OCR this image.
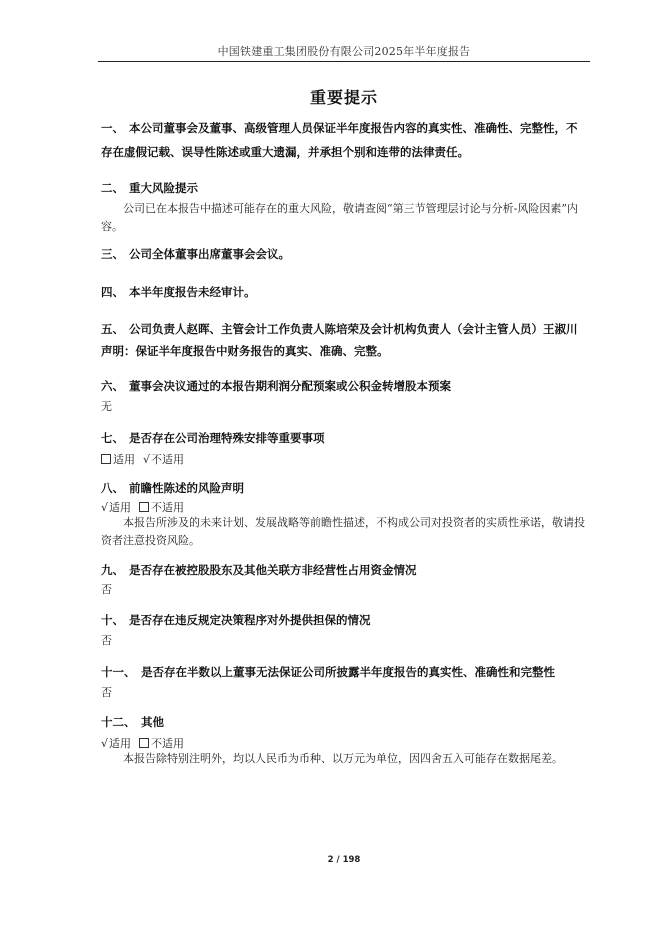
中国铁建重工集团股份有限公司2025年半年度报告
重要提示
一、 本公司董事会及董事、高级管理人员保证半年度报告内容的真实性、准确性、完整性，不
存在虚假记载、误导性陈述或重大遗漏，并承担个别和连带的法律责任。
二、 重大风险提示
公司已在本报告中描述可能存在的重大风险，敬请查阅“第三节管理层讨论与分析-风险因素”内容。
三、 公司全体董事出席董事会会议。
四、 本半年度报告未经审计。
五、 公司负责人赵晖、主管会计工作负责人陈培荣及会计机构负责人（会计主管人员）王淑川
声明：保证半年度报告中财务报告的真实、准确、完整。
六、 董事会决议通过的本报告期利润分配预案或公积金转增股本预案
无
七、 是否存在公司治理特殊安排等重要事项
适用 √不适用
八、 前瞻性陈述的风险声明
√适用 不适用
本报告所涉及的未来计划、发展战略等前瞻性描述，不构成公司对投资者的实质性承诺，敬请投资者注意投资风险。
九、 是否存在被控股股东及其他关联方非经营性占用资金情况
否
十、 是否存在违反规定决策程序对外提供担保的情况
否
十一、 是否存在半数以上董事无法保证公司所披露半年度报告的真实性、准确性和完整性
否
十二、 其他
√适用 不适用
本报告除特别注明外，均以人民币为币种、以万元为单位，因四舍五入可能存在数据尾差。
2 / 198
